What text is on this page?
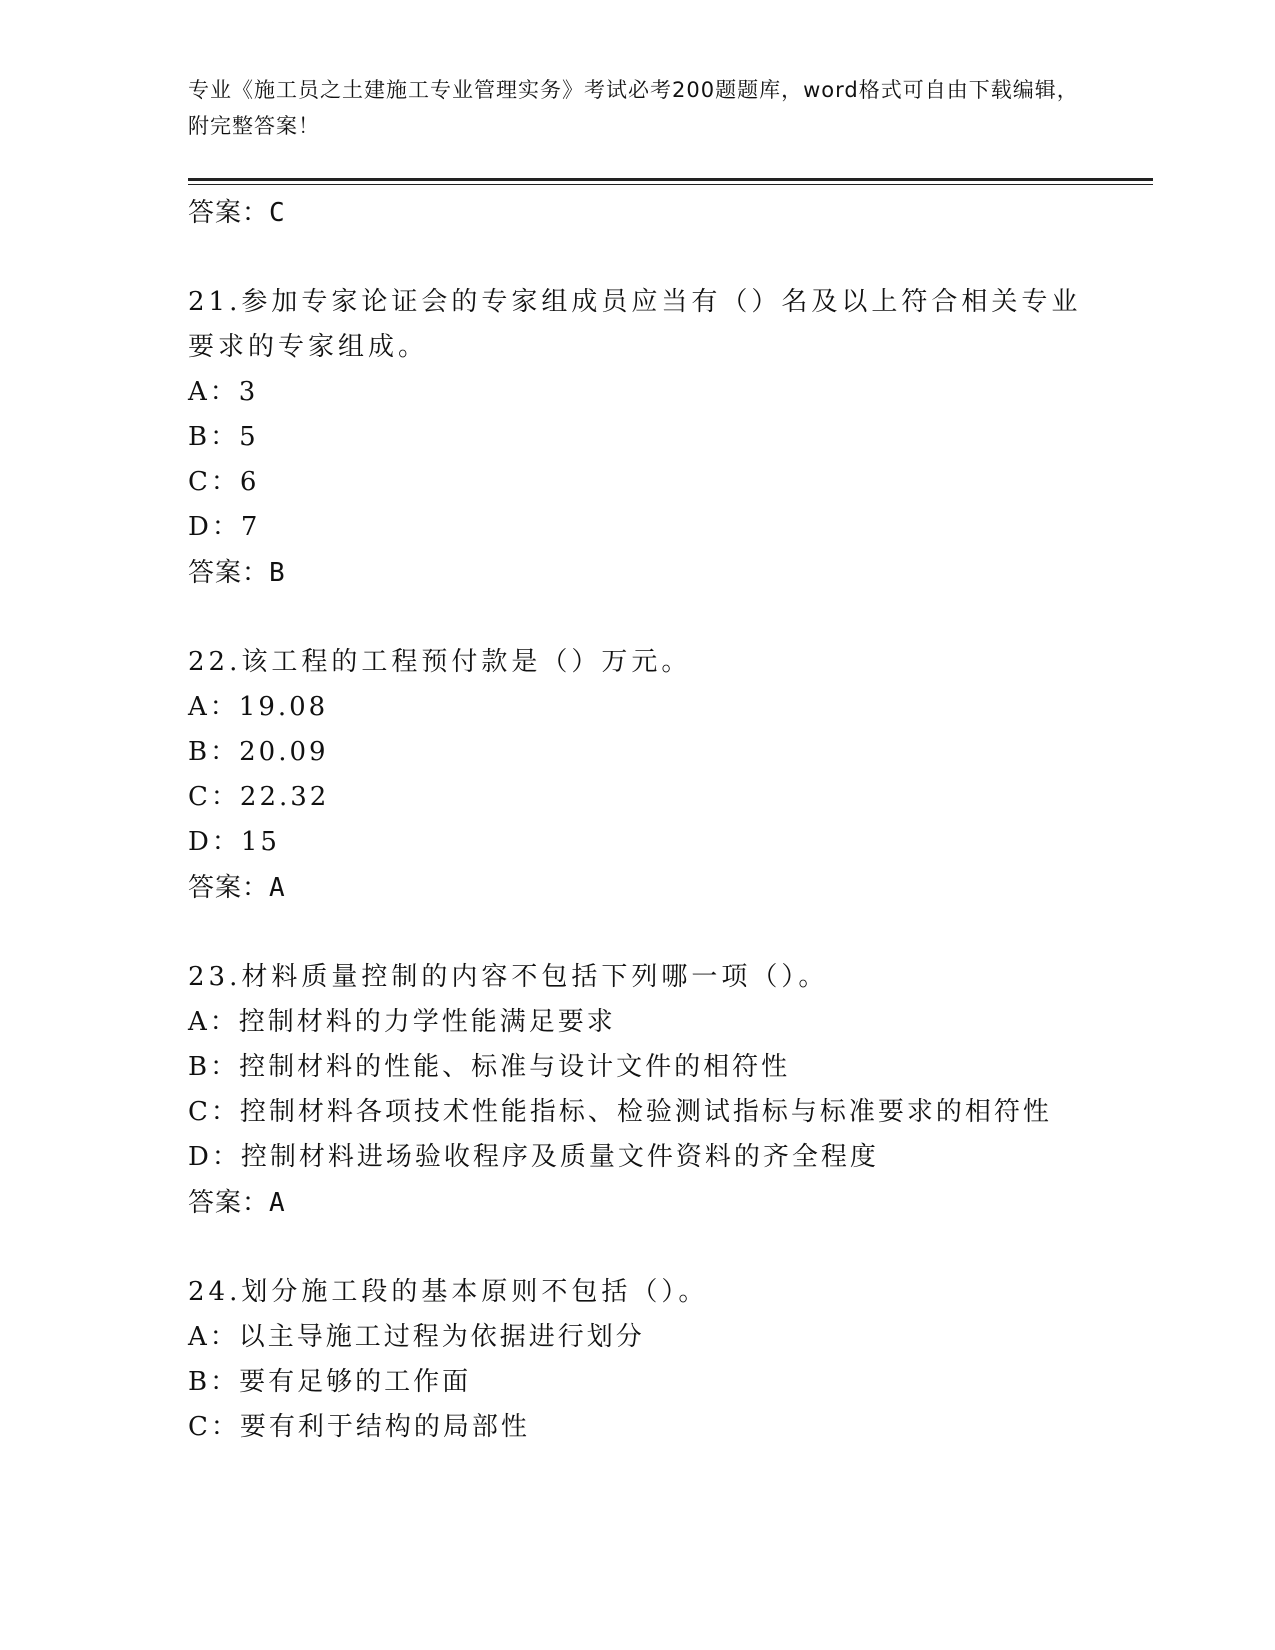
专业《施工员之土建施工专业管理实务》考试必考200题题库，word格式可自由下载编辑，附完整答案！
答案：C
21.参加专家论证会的专家组成员应当有（）名及以上符合相关专业要求的专家组成。
A：3
B：5
C：6
D：7
答案：B
22.该工程的工程预付款是（）万元。
A：19.08
B：20.09
C：22.32
D：15
答案：A
23.材料质量控制的内容不包括下列哪一项（）。
A：控制材料的力学性能满足要求
B：控制材料的性能、标准与设计文件的相符性
C：控制材料各项技术性能指标、检验测试指标与标准要求的相符性
D：控制材料进场验收程序及质量文件资料的齐全程度
答案：A
24.划分施工段的基本原则不包括（）。
A：以主导施工过程为依据进行划分
B：要有足够的工作面
C：要有利于结构的局部性
